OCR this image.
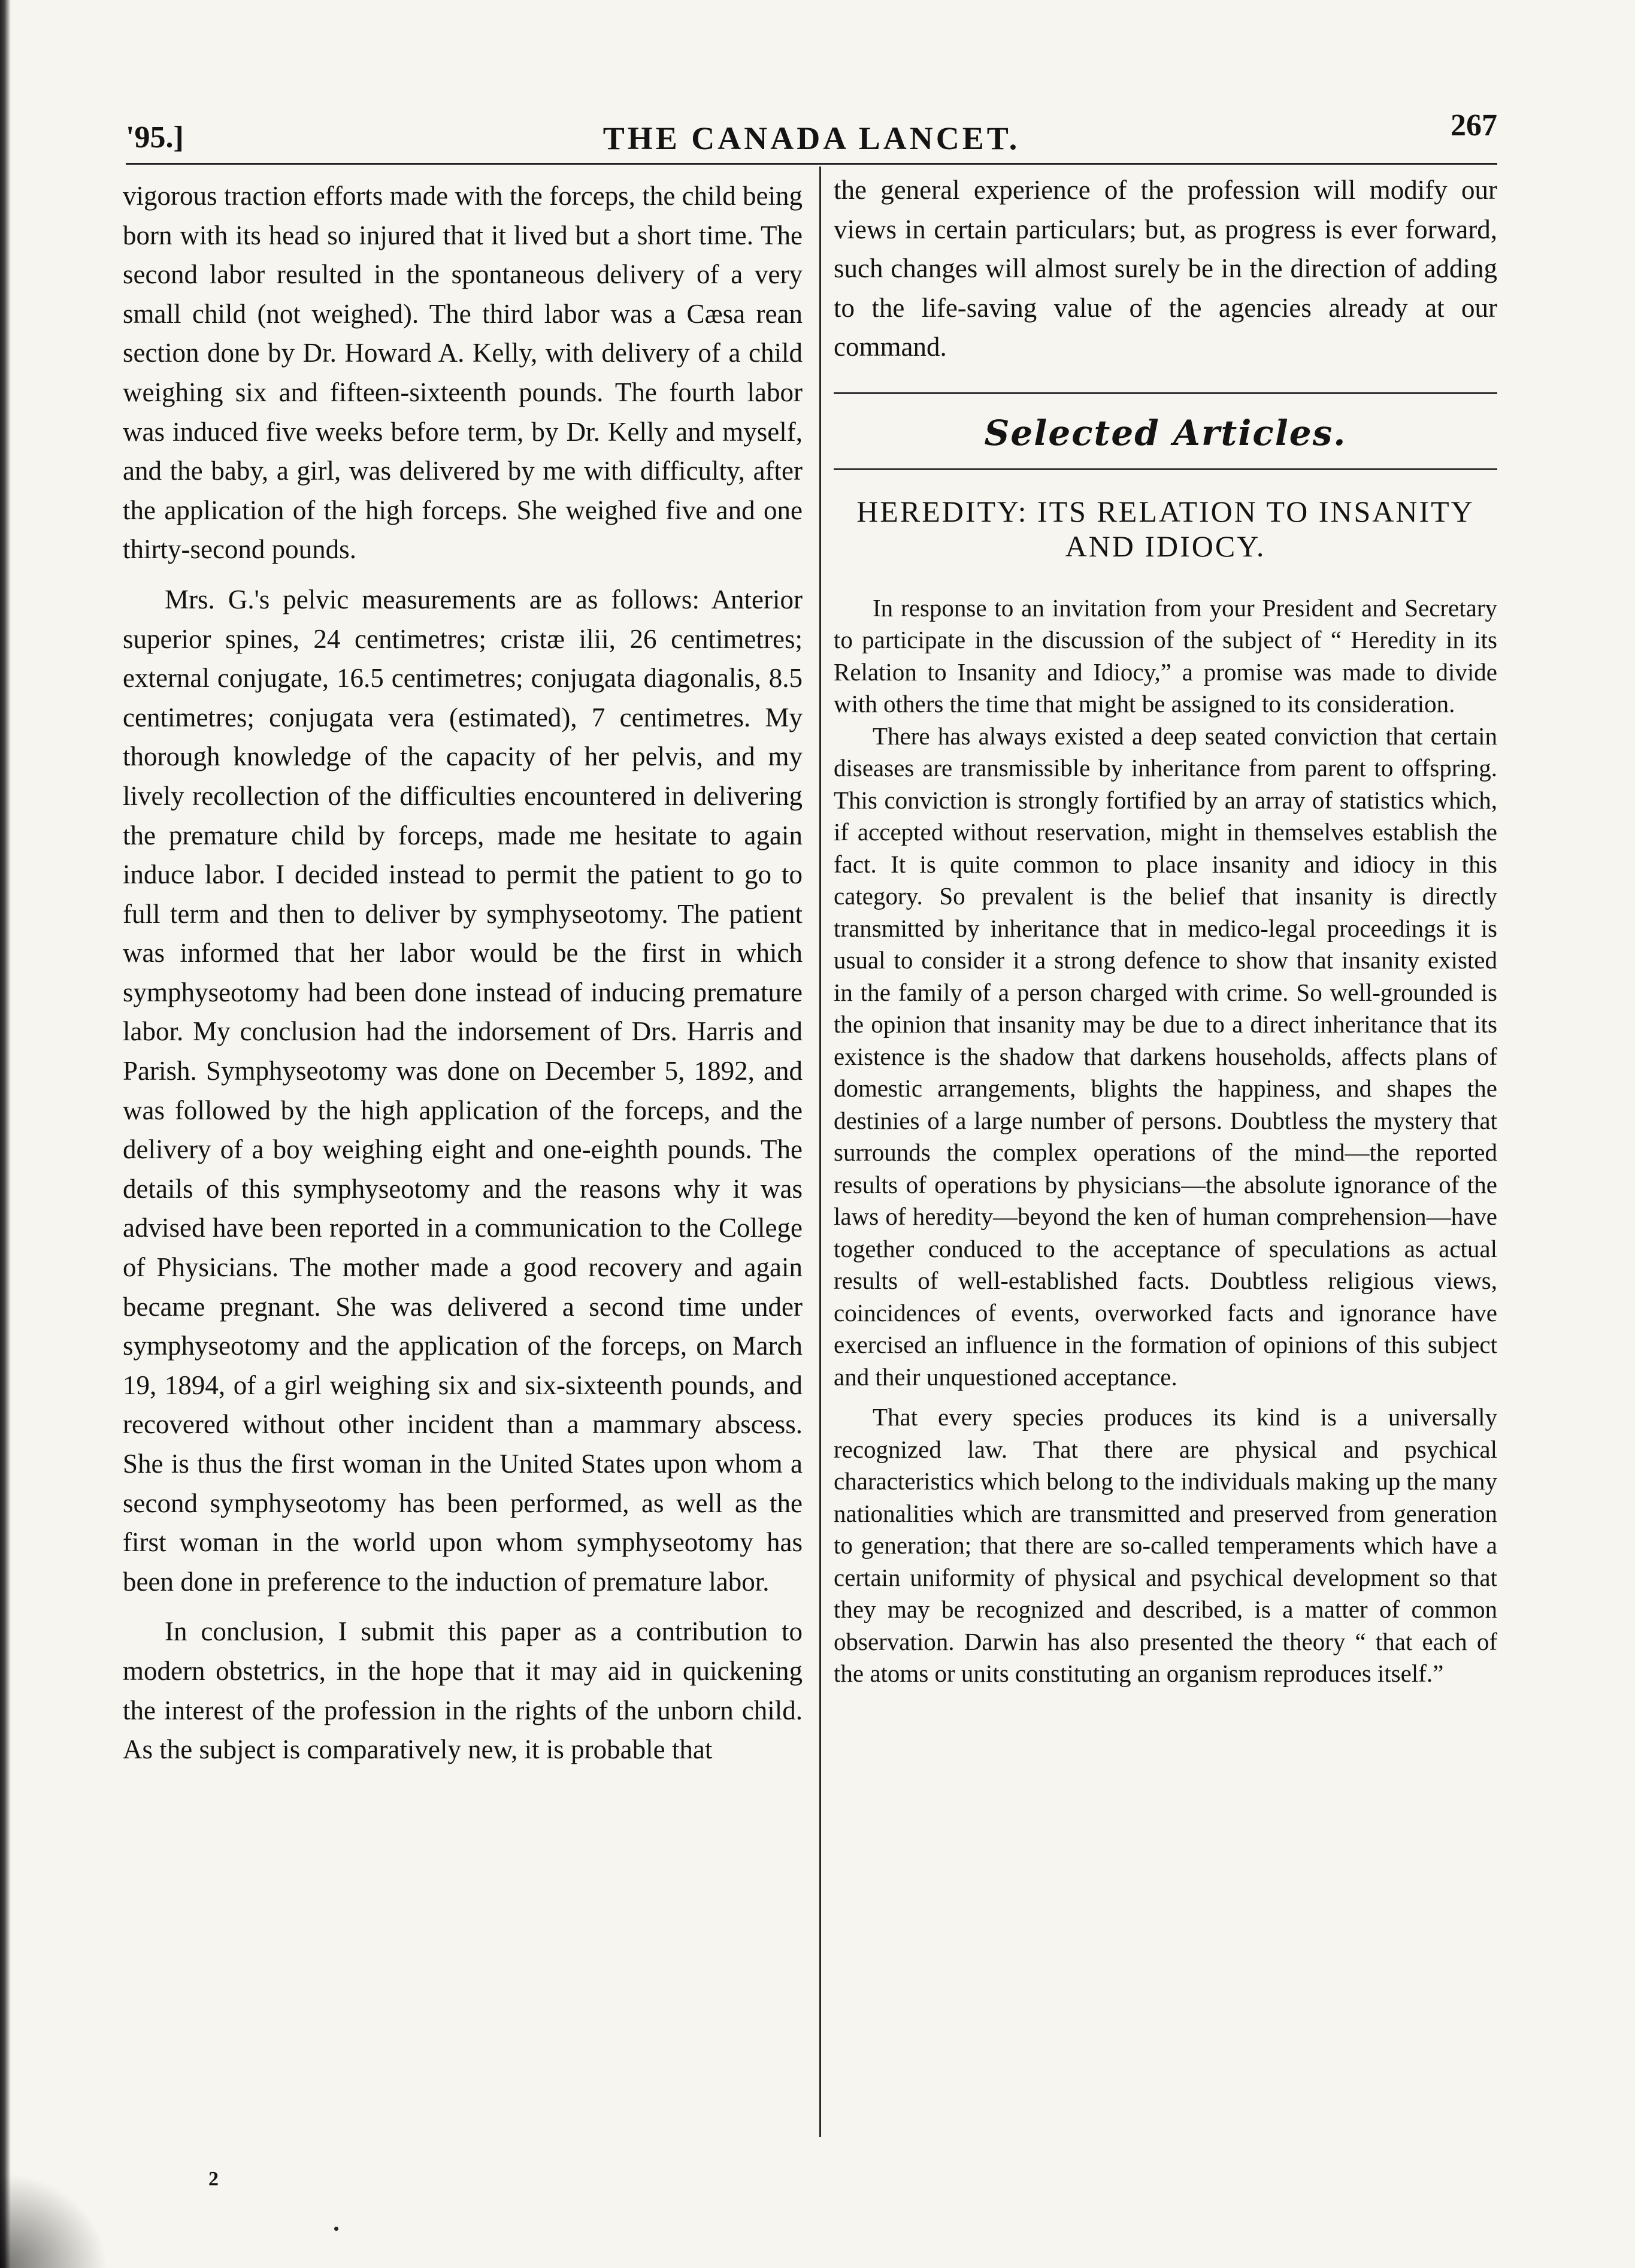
'95.]	THE CANADA LANCET.	267

vigorous traction efforts made with the forceps, the child being born with its head so injured that it lived but a short time. The second labor resulted in the spontaneous delivery of a very small child (not weighed). The third labor was a Cæsa rean section done by Dr. Howard A. Kelly, with delivery of a child weighing six and fifteen-sixteenth pounds. The fourth labor was induced five weeks before term, by Dr. Kelly and myself, and the baby, a girl, was delivered by me with difficulty, after the application of the high forceps. She weighed five and one thirty-second pounds.

Mrs. G.'s pelvic measurements are as follows: Anterior superior spines, 24 centimetres; cristæ ilii, 26 centimetres; external conjugate, 16.5 centimetres; conjugata diagonalis, 8.5 centimetres; conjugata vera (estimated), 7 centimetres. My thorough knowledge of the capacity of her pelvis, and my lively recollection of the difficulties encountered in delivering the premature child by forceps, made me hesitate to again induce labor. I decided instead to permit the patient to go to full term and then to deliver by symphyseotomy. The patient was informed that her labor would be the first in which symphyseotomy had been done instead of inducing premature labor. My conclusion had the indorsement of Drs. Harris and Parish. Symphyseotomy was done on December 5, 1892, and was followed by the high application of the forceps, and the delivery of a boy weighing eight and one-eighth pounds. The details of this symphyseotomy and the reasons why it was advised have been reported in a communication to the College of Physicians. The mother made a good recovery and again became pregnant. She was delivered a second time under symphyseotomy and the application of the forceps, on March 19, 1894, of a girl weighing six and six-sixteenth pounds, and recovered without other incident than a mammary abscess. She is thus the first woman in the United States upon whom a second symphyseotomy has been performed, as well as the first woman in the world upon whom symphyseotomy has been done in preference to the induction of premature labor.

In conclusion, I submit this paper as a contribution to modern obstetrics, in the hope that it may aid in quickening the interest of the profession in the rights of the unborn child. As the subject is comparatively new, it is probable that

the general experience of the profession will modify our views in certain particulars; but, as progress is ever forward, such changes will almost surely be in the direction of adding to the life-saving value of the agencies already at our command.

Selected Articles.
HEREDITY: ITS RELATION TO INSANITY AND IDIOCY.

In response to an invitation from your President and Secretary to participate in the discussion of the subject of “ Heredity in its Relation to Insanity and Idiocy,” a promise was made to divide with others the time that might be assigned to its consideration.

There has always existed a deep seated conviction that certain diseases are transmissible by inheritance from parent to offspring. This conviction is strongly fortified by an array of statistics which, if accepted without reservation, might in themselves establish the fact. It is quite common to place insanity and idiocy in this category. So prevalent is the belief that insanity is directly transmitted by inheritance that in medico-legal proceedings it is usual to consider it a strong defence to show that insanity existed in the family of a person charged with crime. So well-grounded is the opinion that insanity may be due to a direct inheritance that its existence is the shadow that darkens households, affects plans of domestic arrangements, blights the happiness, and shapes the destinies of a large number of persons. Doubtless the mystery that surrounds the complex operations of the mind—the reported results of operations by physicians—the absolute ignorance of the laws of heredity—beyond the ken of human comprehension—have together conduced to the acceptance of speculations as actual results of well-established facts. Doubtless religious views, coincidences of events, overworked facts and ignorance have exercised an influence in the formation of opinions of this subject and their unquestioned acceptance.

That every species produces its kind is a universally recognized law. That there are physical and psychical characteristics which belong to the individuals making up the many nationalities which are transmitted and preserved from generation to generation; that there are so-called temperaments which have a certain uniformity of physical and psychical development so that they may be recognized and described, is a matter of common observation. Darwin has also presented the theory “ that each of the atoms or units constituting an organism reproduces itself.”

2
